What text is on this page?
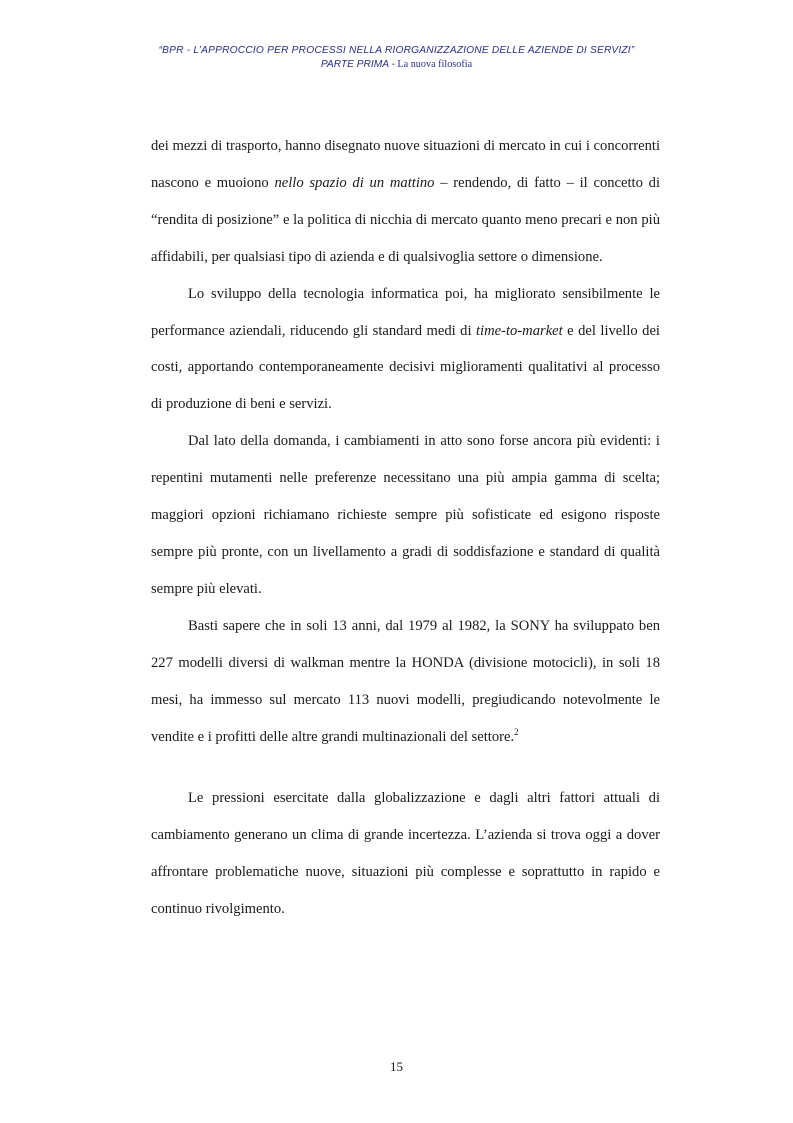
“BPR - L’APPROCCIO PER PROCESSI NELLA RIORGANIZZAZIONE DELLE AZIENDE DI SERVIZI”
PARTE PRIMA - La nuova filosofia

dei mezzi di trasporto, hanno disegnato nuove situazioni di mercato in cui i concorrenti nascono e muoiono nello spazio di un mattino – rendendo, di fatto – il concetto di “rendita di posizione” e la politica di nicchia di mercato quanto meno precari e non più affidabili, per qualsiasi tipo di azienda e di qualsivoglia settore o dimensione.

Lo sviluppo della tecnologia informatica poi, ha migliorato sensibilmente le performance aziendali, riducendo gli standard medi di time-to-market e del livello dei costi, apportando contemporaneamente decisivi miglioramenti qualitativi al processo di produzione di beni e servizi.

Dal lato della domanda, i cambiamenti in atto sono forse ancora più evidenti: i repentini mutamenti nelle preferenze necessitano una più ampia gamma di scelta; maggiori opzioni richiamano richieste sempre più sofisticate ed esigono risposte sempre più pronte, con un livellamento a gradi di soddisfazione e standard di qualità sempre più elevati.

Basti sapere che in soli 13 anni, dal 1979 al 1982, la SONY ha sviluppato ben 227 modelli diversi di walkman mentre la HONDA (divisione motocicli), in soli 18 mesi, ha immesso sul mercato 113 nuovi modelli, pregiudicando notevolmente le vendite e i profitti delle altre grandi multinazionali del settore.$^2$

Le pressioni esercitate dalla globalizzazione e dagli altri fattori attuali di cambiamento generano un clima di grande incertezza. L’azienda si trova oggi a dover affrontare problematiche nuove, situazioni più complesse e soprattutto in rapido e continuo rivolgimento.

15
